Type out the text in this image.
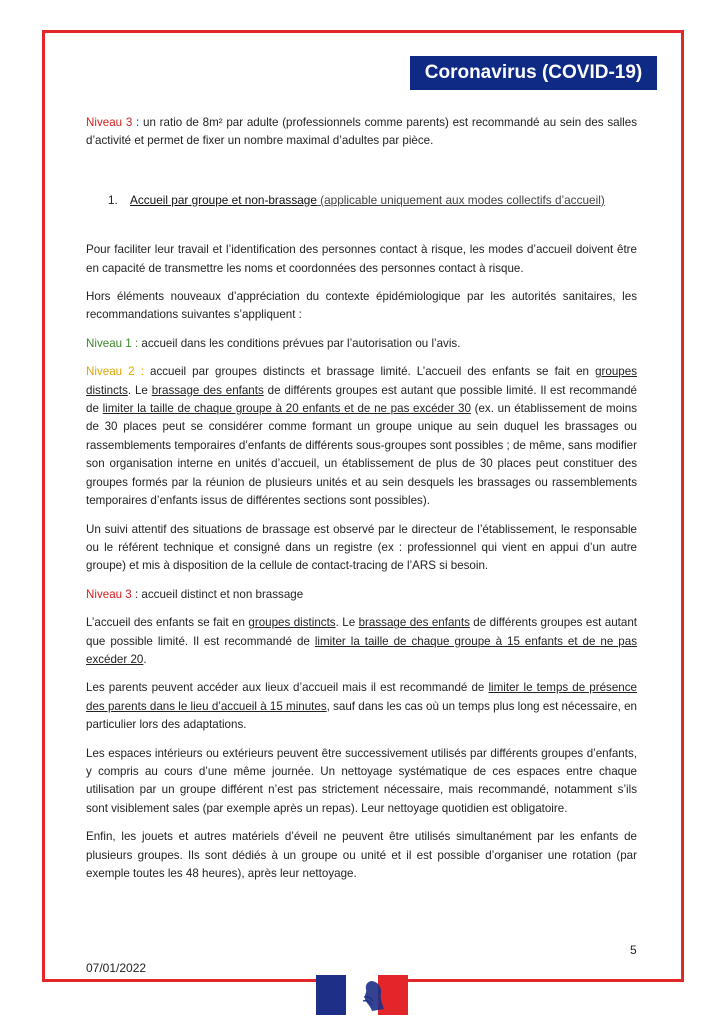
Coronavirus (COVID-19)

Niveau 3 : un ratio de 8m² par adulte (professionnels comme parents) est recommandé au sein des salles d’activité et permet de fixer un nombre maximal d’adultes par pièce.

1. Accueil par groupe et non-brassage (applicable uniquement aux modes collectifs d’accueil)

Pour faciliter leur travail et l’identification des personnes contact à risque, les modes d’accueil doivent être en capacité de transmettre les noms et coordonnées des personnes contact à risque.

Hors éléments nouveaux d’appréciation du contexte épidémiologique par les autorités sanitaires, les recommandations suivantes s’appliquent :

Niveau 1 : accueil dans les conditions prévues par l’autorisation ou l’avis.

Niveau 2 : accueil par groupes distincts et brassage limité. L’accueil des enfants se fait en groupes distincts. Le brassage des enfants de différents groupes est autant que possible limité. Il est recommandé de limiter la taille de chaque groupe à 20 enfants et de ne pas excéder 30 (ex. un établissement de moins de 30 places peut se considérer comme formant un groupe unique au sein duquel les brassages ou rassemblements temporaires d’enfants de différents sous-groupes sont possibles ; de même, sans modifier son organisation interne en unités d’accueil, un établissement de plus de 30 places peut constituer des groupes formés par la réunion de plusieurs unités et au sein desquels les brassages ou rassemblements temporaires d’enfants issus de différentes sections sont possibles).

Un suivi attentif des situations de brassage est observé par le directeur de l’établissement, le responsable ou le référent technique et consigné dans un registre (ex : professionnel qui vient en appui d’un autre groupe) et mis à disposition de la cellule de contact-tracing de l’ARS si besoin.

Niveau 3 : accueil distinct et non brassage

L’accueil des enfants se fait en groupes distincts. Le brassage des enfants de différents groupes est autant que possible limité. Il est recommandé de limiter la taille de chaque groupe à 15 enfants et de ne pas excéder 20.

Les parents peuvent accéder aux lieux d’accueil mais il est recommandé de limiter le temps de présence des parents dans le lieu d’accueil à 15 minutes, sauf dans les cas où un temps plus long est nécessaire, en particulier lors des adaptations.

Les espaces intérieurs ou extérieurs peuvent être successivement utilisés par différents groupes d’enfants, y compris au cours d’une même journée. Un nettoyage systématique de ces espaces entre chaque utilisation par un groupe différent n’est pas strictement nécessaire, mais recommandé, notamment s’ils sont visiblement sales (par exemple après un repas). Leur nettoyage quotidien est obligatoire.

Enfin, les jouets et autres matériels d’éveil ne peuvent être utilisés simultanément par les enfants de plusieurs groupes. Ils sont dédiés à un groupe ou unité et il est possible d’organiser une rotation (par exemple toutes les 48 heures), après leur nettoyage.

5
07/01/2022
